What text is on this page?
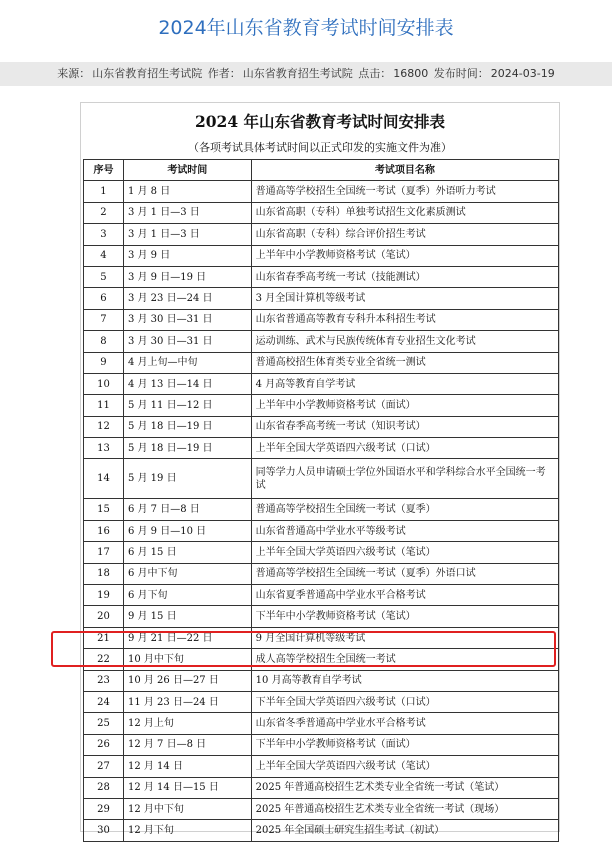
2024年山东省教育考试时间安排表
来源： 山东省教育招生考试院 作者： 山东省教育招生考试院 点击： 16800 发布时间： 2024-03-19
2024 年山东省教育考试时间安排表
（各项考试具体考试时间以正式印发的实施文件为准）
序号	考试时间	考试项目名称
1	1 月 8 日	普通高等学校招生全国统一考试（夏季）外语听力考试
2	3 月 1 日—3 日	山东省高职（专科）单独考试招生文化素质测试
3	3 月 1 日—3 日	山东省高职（专科）综合评价招生考试
4	3 月 9 日	上半年中小学教师资格考试（笔试）
5	3 月 9 日—19 日	山东省春季高考统一考试（技能测试）
6	3 月 23 日—24 日	3 月全国计算机等级考试
7	3 月 30 日—31 日	山东省普通高等教育专科升本科招生考试
8	3 月 30 日—31 日	运动训练、武术与民族传统体育专业招生文化考试
9	4 月上旬—中旬	普通高校招生体育类专业全省统一测试
10	4 月 13 日—14 日	4 月高等教育自学考试
11	5 月 11 日—12 日	上半年中小学教师资格考试（面试）
12	5 月 18 日—19 日	山东省春季高考统一考试（知识考试）
13	5 月 18 日—19 日	上半年全国大学英语四六级考试（口试）
14	5 月 19 日	同等学力人员申请硕士学位外国语水平和学科综合水平全国统一考试
15	6 月 7 日—8 日	普通高等学校招生全国统一考试（夏季）
16	6 月 9 日—10 日	山东省普通高中学业水平等级考试
17	6 月 15 日	上半年全国大学英语四六级考试（笔试）
18	6 月中下旬	普通高等学校招生全国统一考试（夏季）外语口试
19	6 月下旬	山东省夏季普通高中学业水平合格考试
20	9 月 15 日	下半年中小学教师资格考试（笔试）
21	9 月 21 日—22 日	9 月全国计算机等级考试
22	10 月中下旬	成人高等学校招生全国统一考试
23	10 月 26 日—27 日	10 月高等教育自学考试
24	11 月 23 日—24 日	下半年全国大学英语四六级考试（口试）
25	12 月上旬	山东省冬季普通高中学业水平合格考试
26	12 月 7 日—8 日	下半年中小学教师资格考试（面试）
27	12 月 14 日	上半年全国大学英语四六级考试（笔试）
28	12 月 14 日—15 日	2025 年普通高校招生艺术类专业全省统一考试（笔试）
29	12 月中下旬	2025 年普通高校招生艺术类专业全省统一考试（现场）
30	12 月下旬	2025 年全国硕士研究生招生考试（初试）
